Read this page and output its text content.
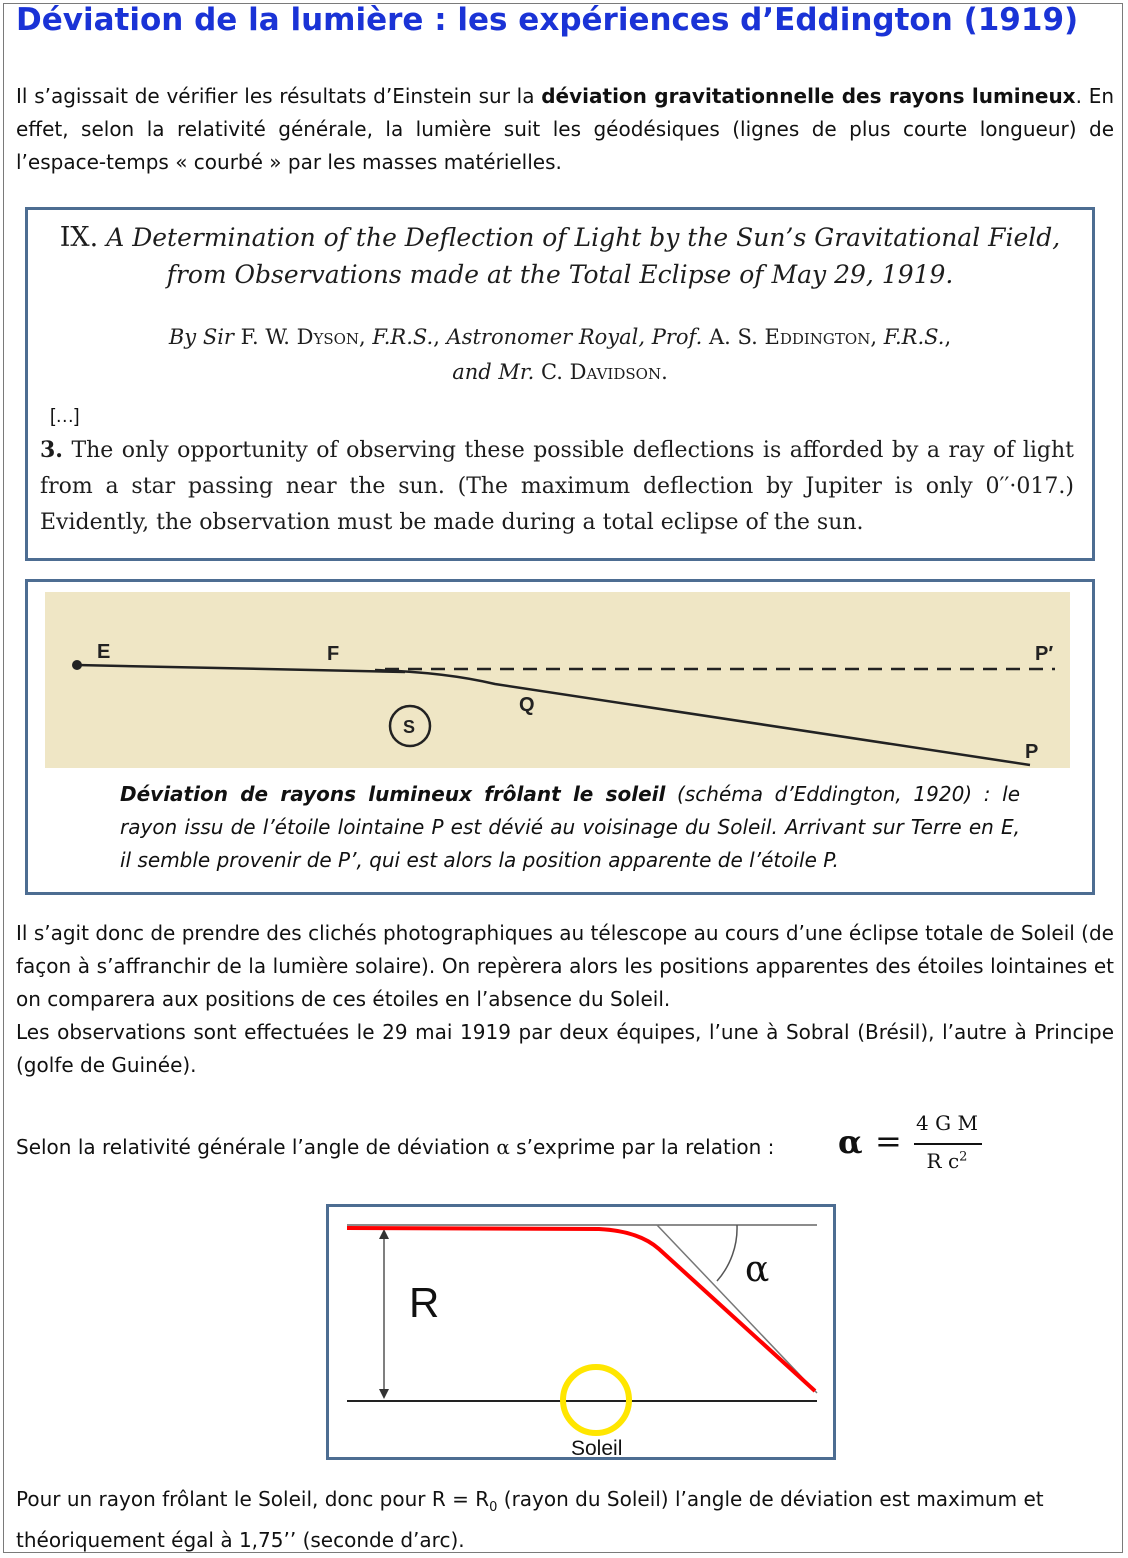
Déviation de la lumière : les expériences d’Eddington (1919)

Il s’agissait de vérifier les résultats d’Einstein sur la déviation gravitationnelle des rayons lumineux. En effet, selon la relativité générale, la lumière suit les géodésiques (lignes de plus courte longueur) de l’espace-temps « courbé » par les masses matérielles.

IX. A Determination of the Deflection of Light by the Sun’s Gravitational Field,

from Observations made at the Total Eclipse of May 29, 1919.

By Sir F. W. Dyson, F.R.S., Astronomer Royal, Prof. A. S. Eddington, F.R.S.,

and Mr. C. Davidson.

[…]

3. The only opportunity of observing these possible deflections is afforded by a ray of light from a star passing near the sun. (The maximum deflection by Jupiter is only 0′′·017.) Evidently, the observation must be made during a total eclipse of the sun.

E	F	P′
Q
S
P

Déviation de rayons lumineux frôlant le soleil (schéma d’Eddington, 1920) : le rayon issu de l’étoile lointaine P est dévié au voisinage du Soleil. Arrivant sur Terre en E, il semble provenir de P’, qui est alors la position apparente de l’étoile P.

Il s’agit donc de prendre des clichés photographiques au télescope au cours d’une éclipse totale de Soleil (de façon à s’affranchir de la lumière solaire). On repèrera alors les positions apparentes des étoiles lointaines et on comparera aux positions de ces étoiles en l’absence du Soleil.

Les observations sont effectuées le 29 mai 1919 par deux équipes, l’une à Sobral (Brésil), l’autre à Principe (golfe de Guinée).

Selon la relativité générale l’angle de déviation α s’exprime par la relation :	α = 4 G M
R $c^2$
R
α
Soleil

Pour un rayon frôlant le Soleil, donc pour $R = R_0$ (rayon du Soleil) l’angle de déviation est maximum et théoriquement égal à 1,75’’ (seconde d’arc).
